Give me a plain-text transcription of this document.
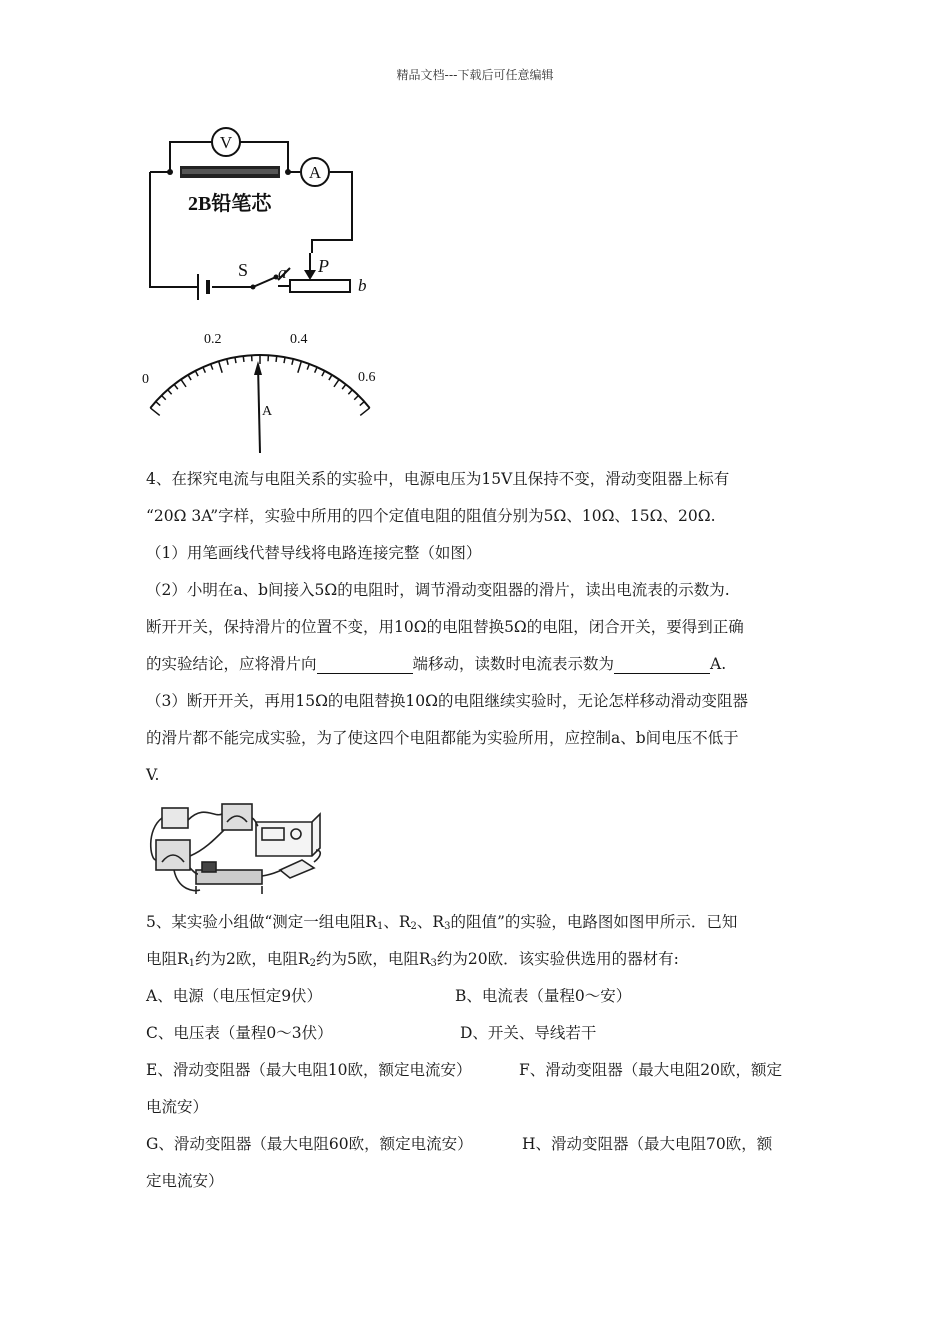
精品文档---下载后可任意编辑
V
A
2B铅笔芯
S a P
b
0
0.2	0.4
0.6
A
4、在探究电流与电阻关系的实验中，电源电压为15V且保持不变，滑动变阻器上标有
“20Ω 3A”字样，实验中所用的四个定值电阻的阻值分别为5Ω、10Ω、15Ω、20Ω.
（1）用笔画线代替导线将电路连接完整（如图）
（2）小明在a、b间接入5Ω的电阻时，调节滑动变阻器的滑片，读出电流表的示数为.
断开开关，保持滑片的位置不变，用10Ω的电阻替换5Ω的电阻，闭合开关，要得到正确
的实验结论，应将滑片向	端移动，读数时电流表示数为	A.
（3）断开开关，再用15Ω的电阻替换10Ω的电阻继续实验时，无论怎样移动滑动变阻器
的滑片都不能完成实验，为了使这四个电阻都能为实验所用，应控制a、b间电压不低于
V.
5、某实验小组做“测定一组电阻$R_1$、$R_2$、$R_3$的阻值”的实验，电路图如图甲所示．已知
电阻$R_1$约为2欧，电阻$R_2$约为5欧，电阻$R_3$约为20欧．该实验供选用的器材有:
A、电源（电压恒定9伏）	B、电流表（量程0～安）
C、电压表（量程0～3伏）	D、开关、导线若干
E、滑动变阻器（最大电阻10欧，额定电流安）	F、滑动变阻器（最大电阻20欧，额定
电流安）
G、滑动变阻器（最大电阻60欧，额定电流安）	H、滑动变阻器（最大电阻70欧，额
定电流安）
